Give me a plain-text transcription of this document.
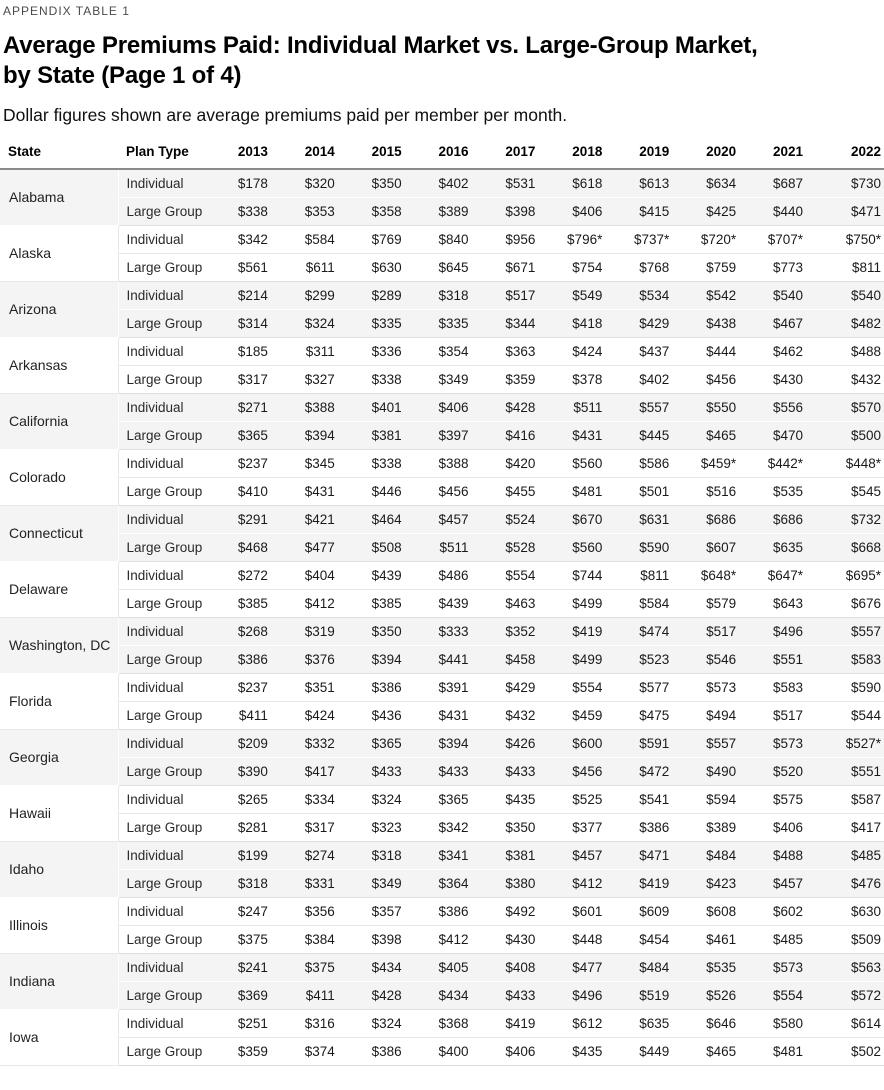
APPENDIX TABLE 1
Average Premiums Paid: Individual Market vs. Large-Group Market,
by State (Page 1 of 4)

Dollar figures shown are average premiums paid per member per month.

State	Plan Type	2013	2014	2015	2016	2017	2018	2019	2020	2021	2022
Alabama	Individual	$178	$320	$350	$402	$531	$618	$613	$634	$687	$730
	Large Group	$338	$353	$358	$389	$398	$406	$415	$425	$440	$471
Alaska	Individual	$342	$584	$769	$840	$956	$796*	$737*	$720*	$707*	$750*
	Large Group	$561	$611	$630	$645	$671	$754	$768	$759	$773	$811
Arizona	Individual	$214	$299	$289	$318	$517	$549	$534	$542	$540	$540
	Large Group	$314	$324	$335	$335	$344	$418	$429	$438	$467	$482
Arkansas	Individual	$185	$311	$336	$354	$363	$424	$437	$444	$462	$488
	Large Group	$317	$327	$338	$349	$359	$378	$402	$456	$430	$432
California	Individual	$271	$388	$401	$406	$428	$511	$557	$550	$556	$570
	Large Group	$365	$394	$381	$397	$416	$431	$445	$465	$470	$500
Colorado	Individual	$237	$345	$338	$388	$420	$560	$586	$459*	$442*	$448*
	Large Group	$410	$431	$446	$456	$455	$481	$501	$516	$535	$545
Connecticut	Individual	$291	$421	$464	$457	$524	$670	$631	$686	$686	$732
	Large Group	$468	$477	$508	$511	$528	$560	$590	$607	$635	$668
Delaware	Individual	$272	$404	$439	$486	$554	$744	$811	$648*	$647*	$695*
	Large Group	$385	$412	$385	$439	$463	$499	$584	$579	$643	$676
Washington, DC	Individual	$268	$319	$350	$333	$352	$419	$474	$517	$496	$557
	Large Group	$386	$376	$394	$441	$458	$499	$523	$546	$551	$583
Florida	Individual	$237	$351	$386	$391	$429	$554	$577	$573	$583	$590
	Large Group	$411	$424	$436	$431	$432	$459	$475	$494	$517	$544
Georgia	Individual	$209	$332	$365	$394	$426	$600	$591	$557	$573	$527*
	Large Group	$390	$417	$433	$433	$433	$456	$472	$490	$520	$551
Hawaii	Individual	$265	$334	$324	$365	$435	$525	$541	$594	$575	$587
	Large Group	$281	$317	$323	$342	$350	$377	$386	$389	$406	$417
Idaho	Individual	$199	$274	$318	$341	$381	$457	$471	$484	$488	$485
	Large Group	$318	$331	$349	$364	$380	$412	$419	$423	$457	$476
Illinois	Individual	$247	$356	$357	$386	$492	$601	$609	$608	$602	$630
	Large Group	$375	$384	$398	$412	$430	$448	$454	$461	$485	$509
Indiana	Individual	$241	$375	$434	$405	$408	$477	$484	$535	$573	$563
	Large Group	$369	$411	$428	$434	$433	$496	$519	$526	$554	$572
Iowa	Individual	$251	$316	$324	$368	$419	$612	$635	$646	$580	$614
	Large Group	$359	$374	$386	$400	$406	$435	$449	$465	$481	$502
